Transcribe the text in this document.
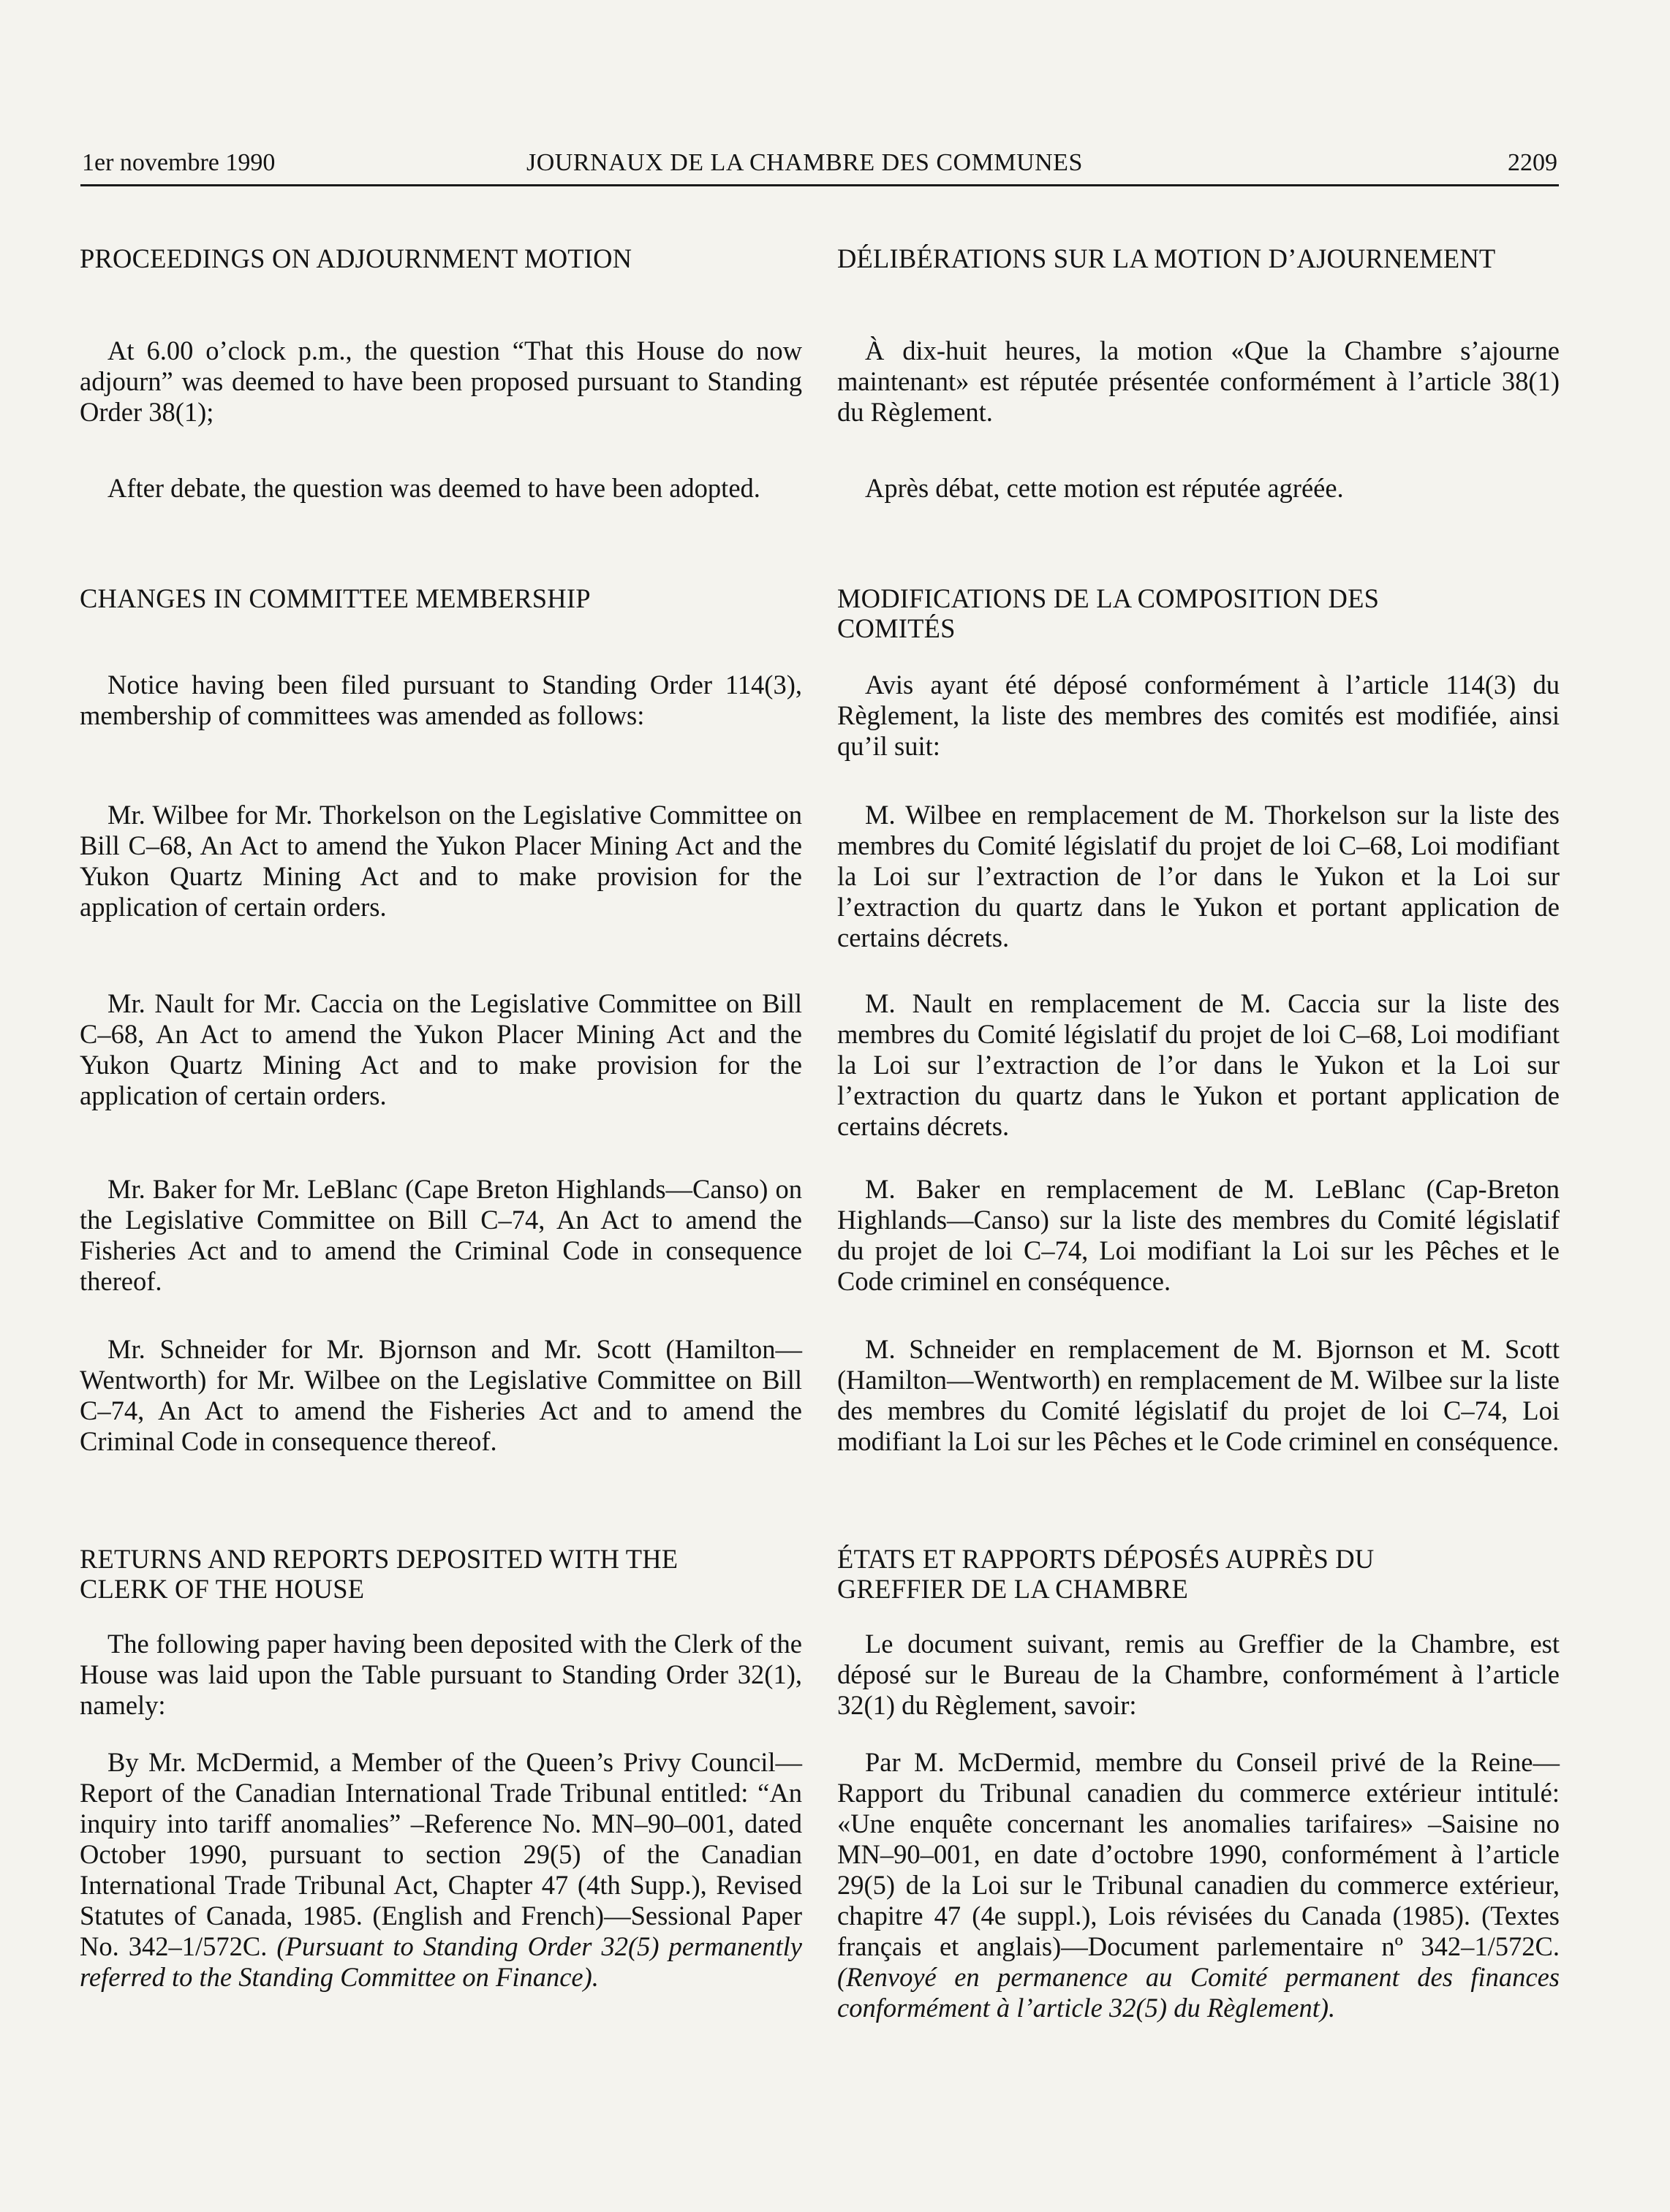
1er novembre 1990	JOURNAUX DE LA CHAMBRE DES COMMUNES	2209

PROCEEDINGS ON ADJOURNMENT MOTION

At 6.00 o’clock p.m., the question “That this House do now adjourn” was deemed to have been proposed pursuant to Standing Order 38(1);

After debate, the question was deemed to have been adopted.

CHANGES IN COMMITTEE MEMBERSHIP

Notice having been filed pursuant to Standing Order 114(3), membership of committees was amended as follows:

Mr. Wilbee for Mr. Thorkelson on the Legislative Committee on Bill C–68, An Act to amend the Yukon Placer Mining Act and the Yukon Quartz Mining Act and to make provision for the application of certain orders.

Mr. Nault for Mr. Caccia on the Legislative Committee on Bill C–68, An Act to amend the Yukon Placer Mining Act and the Yukon Quartz Mining Act and to make provision for the application of certain orders.

Mr. Baker for Mr. LeBlanc (Cape Breton Highlands—Canso) on the Legislative Committee on Bill C–74, An Act to amend the Fisheries Act and to amend the Criminal Code in consequence thereof.

Mr. Schneider for Mr. Bjornson and Mr. Scott (Hamilton—Wentworth) for Mr. Wilbee on the Legislative Committee on Bill C–74, An Act to amend the Fisheries Act and to amend the Criminal Code in consequence thereof.

RETURNS AND REPORTS DEPOSITED WITH THE
CLERK OF THE HOUSE

The following paper having been deposited with the Clerk of the House was laid upon the Table pursuant to Standing Order 32(1), namely:

By Mr. McDermid, a Member of the Queen’s Privy Council—Report of the Canadian International Trade Tribunal entitled: “An inquiry into tariff anomalies” –Reference No. MN–90–001, dated October 1990, pursuant to section 29(5) of the Canadian International Trade Tribunal Act, Chapter 47 (4th Supp.), Revised Statutes of Canada, 1985. (English and French)—Sessional Paper No. 342–1/572C. (Pursuant to Standing Order 32(5) permanently referred to the Standing Committee on Finance).

DÉLIBÉRATIONS SUR LA MOTION D’AJOURNEMENT

À dix-huit heures, la motion «Que la Chambre s’ajourne maintenant» est réputée présentée conformément à l’article 38(1) du Règlement.

Après débat, cette motion est réputée agréée.

MODIFICATIONS DE LA COMPOSITION DES
COMITÉS

Avis ayant été déposé conformément à l’article 114(3) du Règlement, la liste des membres des comités est modifiée, ainsi qu’il suit:

M. Wilbee en remplacement de M. Thorkelson sur la liste des membres du Comité législatif du projet de loi C–68, Loi modifiant la Loi sur l’extraction de l’or dans le Yukon et la Loi sur l’extraction du quartz dans le Yukon et portant application de certains décrets.

M. Nault en remplacement de M. Caccia sur la liste des membres du Comité législatif du projet de loi C–68, Loi modifiant la Loi sur l’extraction de l’or dans le Yukon et la Loi sur l’extraction du quartz dans le Yukon et portant application de certains décrets.

M. Baker en remplacement de M. LeBlanc (Cap-Breton Highlands—Canso) sur la liste des membres du Comité législatif du projet de loi C–74, Loi modifiant la Loi sur les Pêches et le Code criminel en conséquence.

M. Schneider en remplacement de M. Bjornson et M. Scott (Hamilton—Wentworth) en remplacement de M. Wilbee sur la liste des membres du Comité législatif du projet de loi C–74, Loi modifiant la Loi sur les Pêches et le Code criminel en conséquence.

ÉTATS ET RAPPORTS DÉPOSÉS AUPRÈS DU
GREFFIER DE LA CHAMBRE

Le document suivant, remis au Greffier de la Chambre, est déposé sur le Bureau de la Chambre, conformément à l’article 32(1) du Règlement, savoir:

Par M. McDermid, membre du Conseil privé de la Reine—Rapport du Tribunal canadien du commerce extérieur intitulé: «Une enquête concernant les anomalies tarifaires» –Saisine no MN–90–001, en date d’octobre 1990, conformément à l’article 29(5) de la Loi sur le Tribunal canadien du commerce extérieur, chapitre 47 (4e suppl.), Lois révisées du Canada (1985). (Textes français et anglais)—Document parlementaire nº 342–1/572C. (Renvoyé en permanence au Comité permanent des finances conformément à l’article 32(5) du Règlement).
